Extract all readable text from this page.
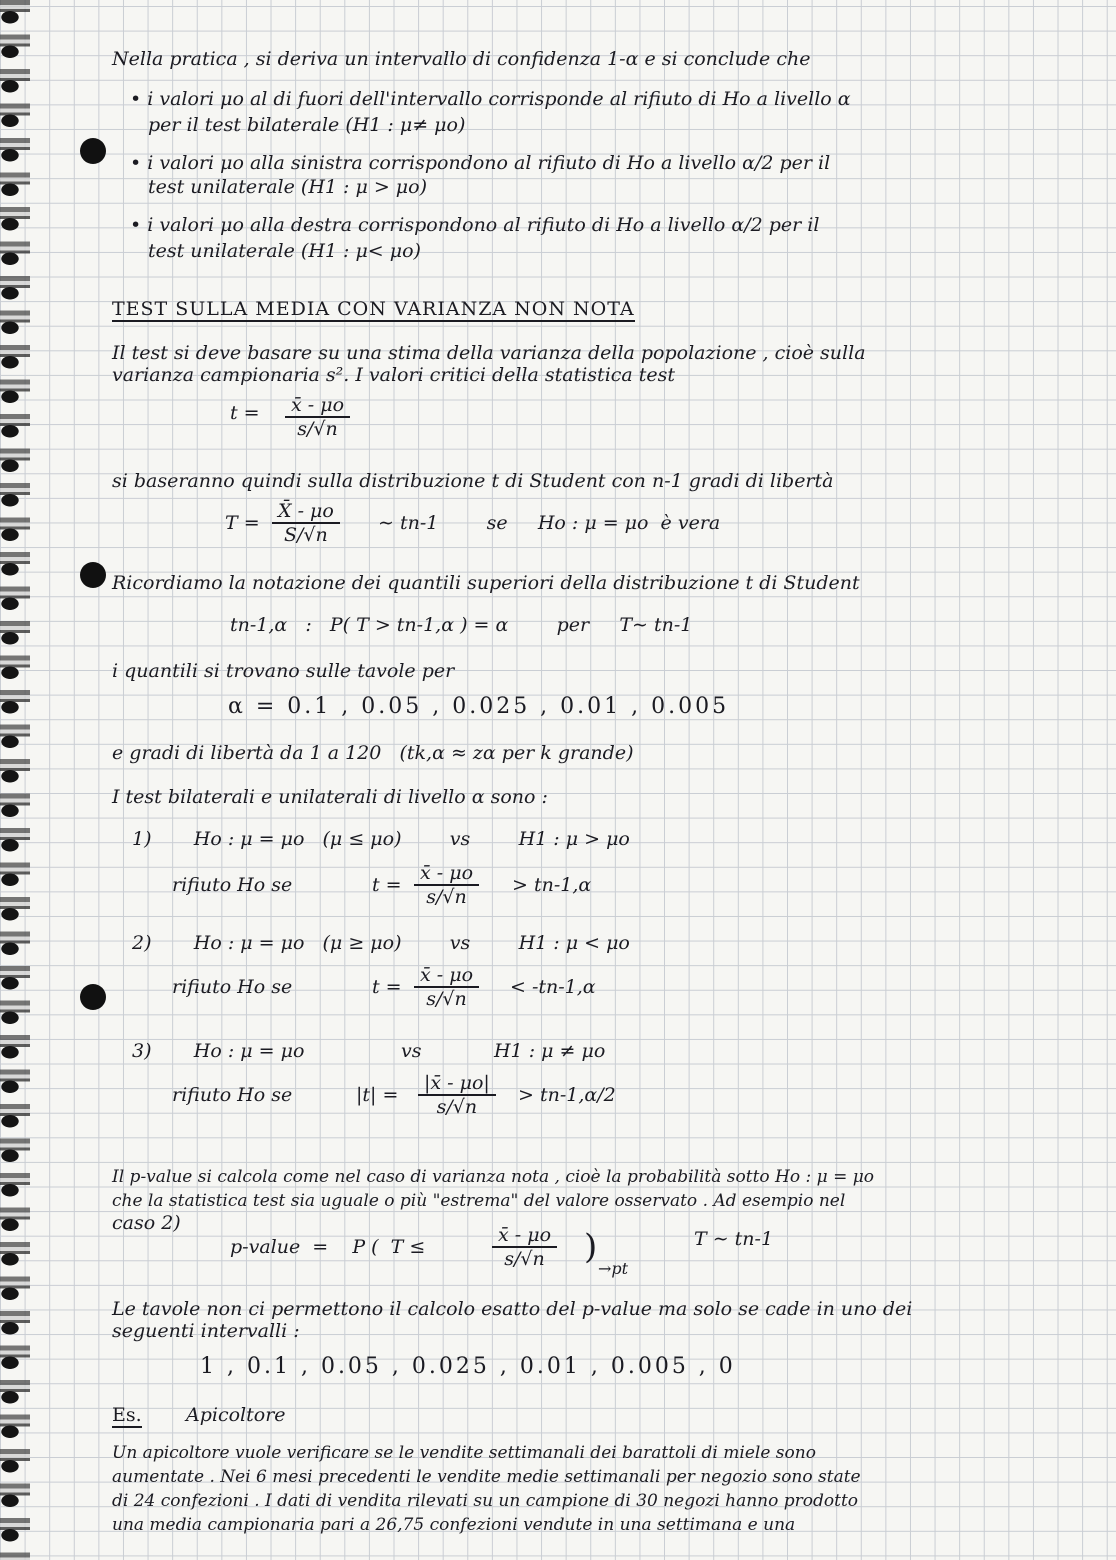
Nella pratica , si deriva un intervallo di confidenza 1-α e si conclude che
• i valori μo al di fuori dell'intervallo corrisponde al rifiuto di Ho a livello α
per il test bilaterale (H1 : μ≠ μo)
• i valori μo alla sinistra corrispondono al rifiuto di Ho a livello α/2 per il
test unilaterale (H1 : μ > μo)
• i valori μo alla destra corrispondono al rifiuto di Ho a livello α/2 per il
test unilaterale (H1 : μ< μo)
TEST SULLA MEDIA CON VARIANZA NON NOTA
Il test si deve basare su una stima della varianza della popolazione , cioè sulla
varianza campionaria s². I valori critici della statistica test
$t = \frac{x̄ - \mu o}{s/√n}$
si baseranno quindi sulla distribuzione t di Student con n-1 gradi di libertà
$T = \frac{X̄ - \mu o}{S/√n}$ ∼ tn-1        se     Ho : μ = μo  è vera
Ricordiamo la notazione dei quantili superiori della distribuzione t di Student
tn-1,α   :   P( T > tn-1,α ) = α        per     T∼ tn-1
i quantili si trovano sulle tavole per
α = 0.1 , 0.05 , 0.025 , 0.01 , 0.005
e gradi di libertà da 1 a 120   (tk,α ≈ zα per k grande)
I test bilaterali e unilaterali di livello α sono :
1)       Ho : μ = μo   (μ ≤ μo)        vs        H1 : μ > μo
rifiuto Ho se	$t = \frac{x̄ - \mu o}{s/√n} > tn-1,\alpha$
2)       Ho : μ = μo   (μ ≥ μo)        vs        H1 : μ < μo
rifiuto Ho se	$t = \frac{x̄ - \mu o}{s/√n} < -tn-1,\alpha$
3)       Ho : μ = μo                vs            H1 : μ ≠ μo
rifiuto Ho se	$|t| = \frac{|x̄ - \mu o|}{s/√n} > tn-1,\alpha/2$
Il p-value si calcola come nel caso di varianza nota , cioè la probabilità sotto Ho : μ = μo
che la statistica test sia uguale o più "estrema" del valore osservato . Ad esempio nel
caso 2)
p-value  =    P (  T ≤	$\frac{x̄ - \mu o}{s/√n}$ )
→pt
T ∼ tn-1
Le tavole non ci permettono il calcolo esatto del p-value ma solo se cade in uno dei
seguenti intervalli :
1 , 0.1 , 0.05 , 0.025 , 0.01 , 0.005 , 0
Es. Apicoltore
Un apicoltore vuole verificare se le vendite settimanali dei barattoli di miele sono
aumentate . Nei 6 mesi precedenti le vendite medie settimanali per negozio sono state
di 24 confezioni . I dati di vendita rilevati su un campione di 30 negozi hanno prodotto
una media campionaria pari a 26,75 confezioni vendute in una settimana e una
